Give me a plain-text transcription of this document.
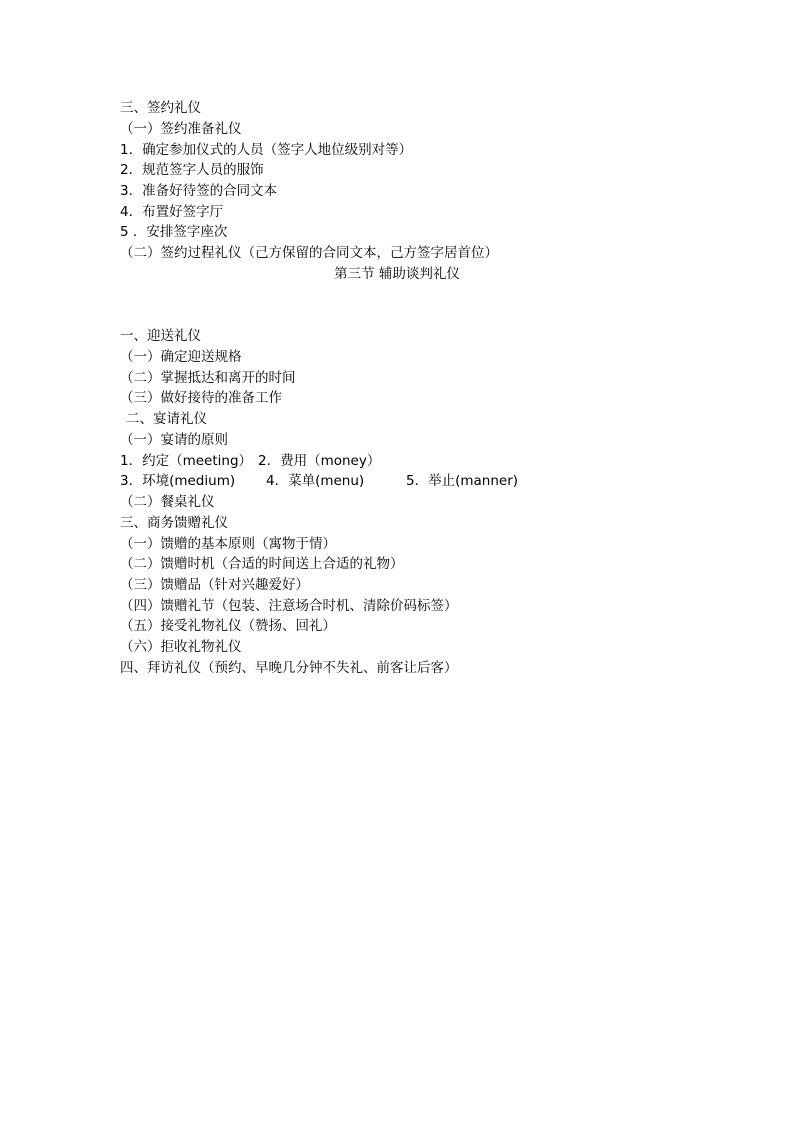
三、签约礼仪
（一）签约准备礼仪
1．确定参加仪式的人员（签字人地位级别对等）
2．规范签字人员的服饰
3．准备好待签的合同文本
4．布置好签字厅
5 ．安排签字座次
（二）签约过程礼仪（己方保留的合同文本，己方签字居首位）
第三节 辅助谈判礼仪
一、迎送礼仪
（一）确定迎送规格
（二）掌握抵达和离开的时间
（三）做好接待的准备工作
二、宴请礼仪
（一）宴请的原则
1．约定（meeting） 2．费用（money）
3．环境(medium) 4．菜单(menu)	5．举止(manner)
（二）餐桌礼仪
三、商务馈赠礼仪
（一）馈赠的基本原则（寓物于情）
（二）馈赠时机（合适的时间送上合适的礼物）
（三）馈赠品（针对兴趣爱好）
（四）馈赠礼节（包装、注意场合时机、清除价码标签）
（五）接受礼物礼仪（赞扬、回礼）
（六）拒收礼物礼仪
四、拜访礼仪（预约、早晚几分钟不失礼、前客让后客）
